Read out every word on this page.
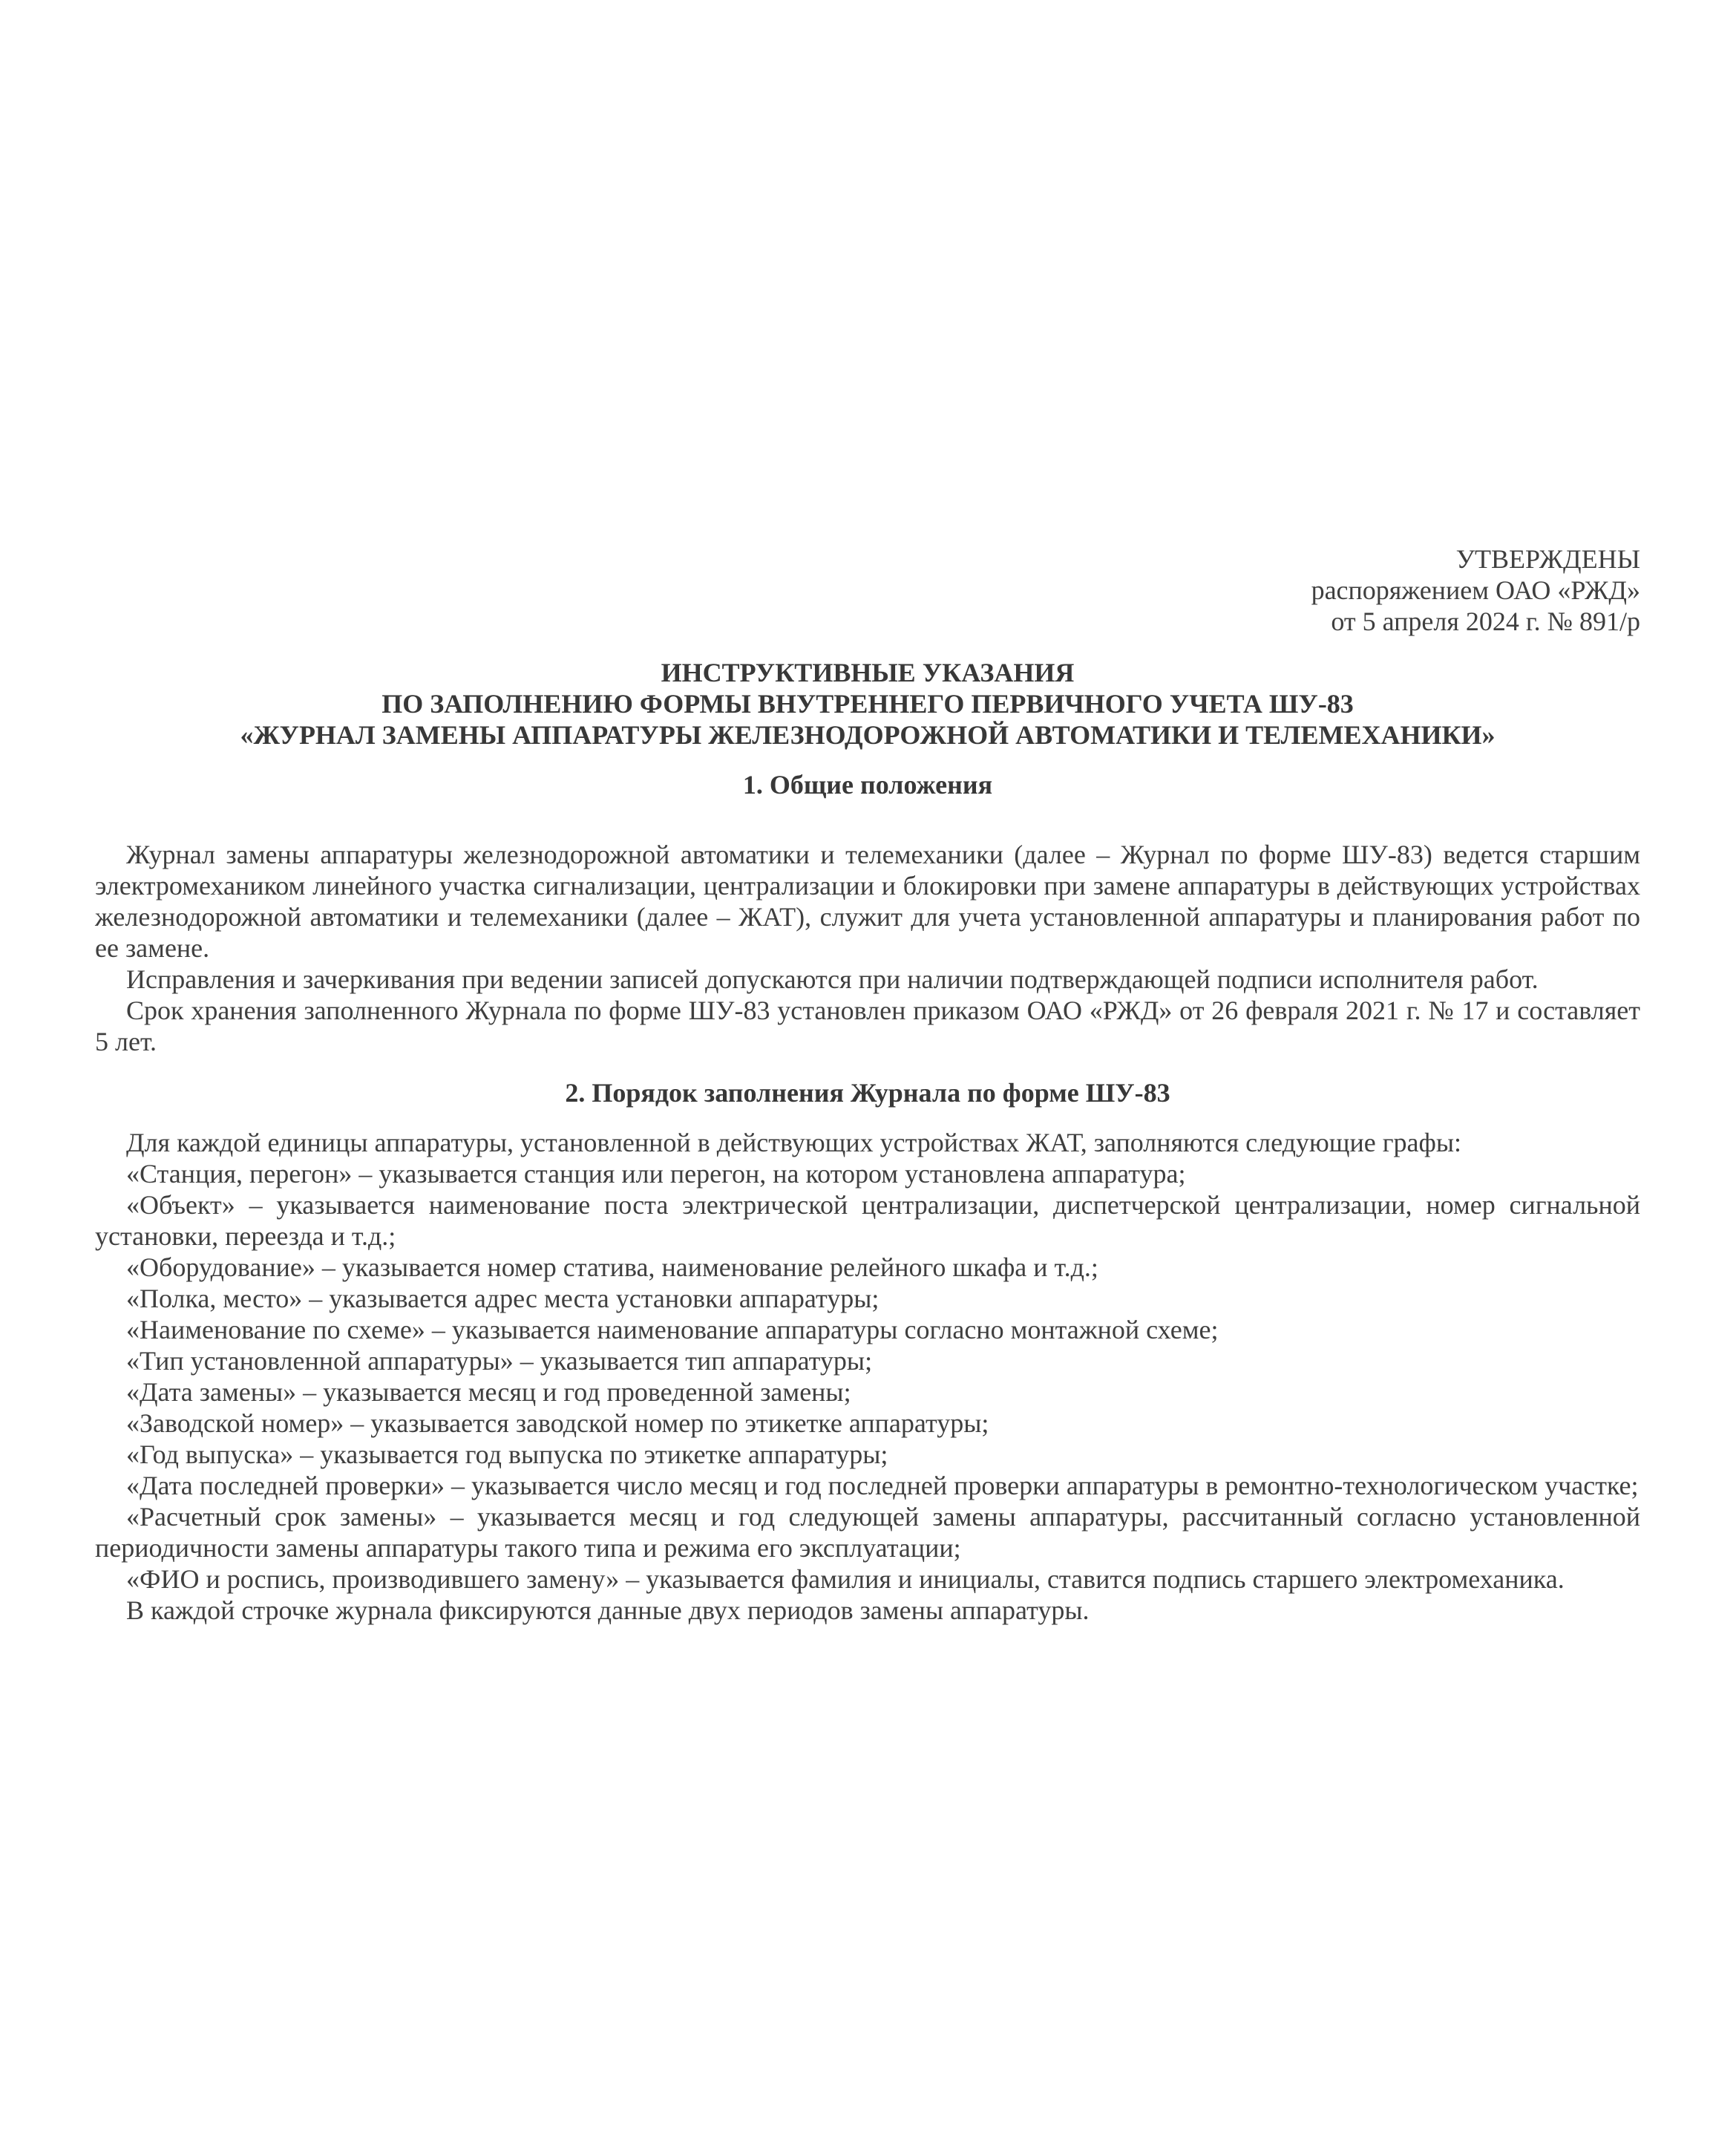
УТВЕРЖДЕНЫ
распоряжением ОАО «РЖД»
от 5 апреля 2024 г. № 891/р
ИНСТРУКТИВНЫЕ УКАЗАНИЯ
ПО ЗАПОЛНЕНИЮ ФОРМЫ ВНУТРЕННЕГО ПЕРВИЧНОГО УЧЕТА ШУ-83
«ЖУРНАЛ ЗАМЕНЫ АППАРАТУРЫ ЖЕЛЕЗНОДОРОЖНОЙ АВТОМАТИКИ И ТЕЛЕМЕХАНИКИ»
1. Общие положения

Журнал замены аппаратуры железнодорожной автоматики и телемеханики (далее – Журнал по форме ШУ-83) ведется старшим электромехаником линейного участка сигнализации, централизации и блокировки при замене аппаратуры в действующих устройствах железнодорожной автоматики и телемеханики (далее – ЖАТ), служит для учета установленной аппаратуры и планирования работ по ее замене.

Исправления и зачеркивания при ведении записей допускаются при наличии подтверждающей подписи исполнителя работ.

Срок хранения заполненного Журнала по форме ШУ-83 установлен приказом ОАО «РЖД» от 26 февраля 2021 г. № 17 и составляет 5 лет.

2. Порядок заполнения Журнала по форме ШУ-83

Для каждой единицы аппаратуры, установленной в действующих устройствах ЖАТ, заполняются следующие графы:

«Станция, перегон» – указывается станция или перегон, на котором установлена аппаратура;

«Объект» – указывается наименование поста электрической централизации, диспетчерской централизации, номер сигнальной установки, переезда и т.д.;

«Оборудование» – указывается номер статива, наименование релейного шкафа и т.д.;

«Полка, место» – указывается адрес места установки аппаратуры;

«Наименование по схеме» – указывается наименование аппаратуры согласно монтажной схеме;

«Тип установленной аппаратуры» – указывается тип аппаратуры;

«Дата замены» – указывается месяц и год проведенной замены;

«Заводской номер» – указывается заводской номер по этикетке аппаратуры;

«Год выпуска» – указывается год выпуска по этикетке аппаратуры;

«Дата последней проверки» – указывается число месяц и год последней проверки аппаратуры в ремонтно-технологическом участке;

«Расчетный срок замены» – указывается месяц и год следующей замены аппаратуры, рассчитанный согласно установленной периодичности замены аппаратуры такого типа и режима его эксплуатации;

«ФИО и роспись, производившего замену» – указывается фамилия и инициалы, ставится подпись старшего электромеханика.

В каждой строчке журнала фиксируются данные двух периодов замены аппаратуры.
